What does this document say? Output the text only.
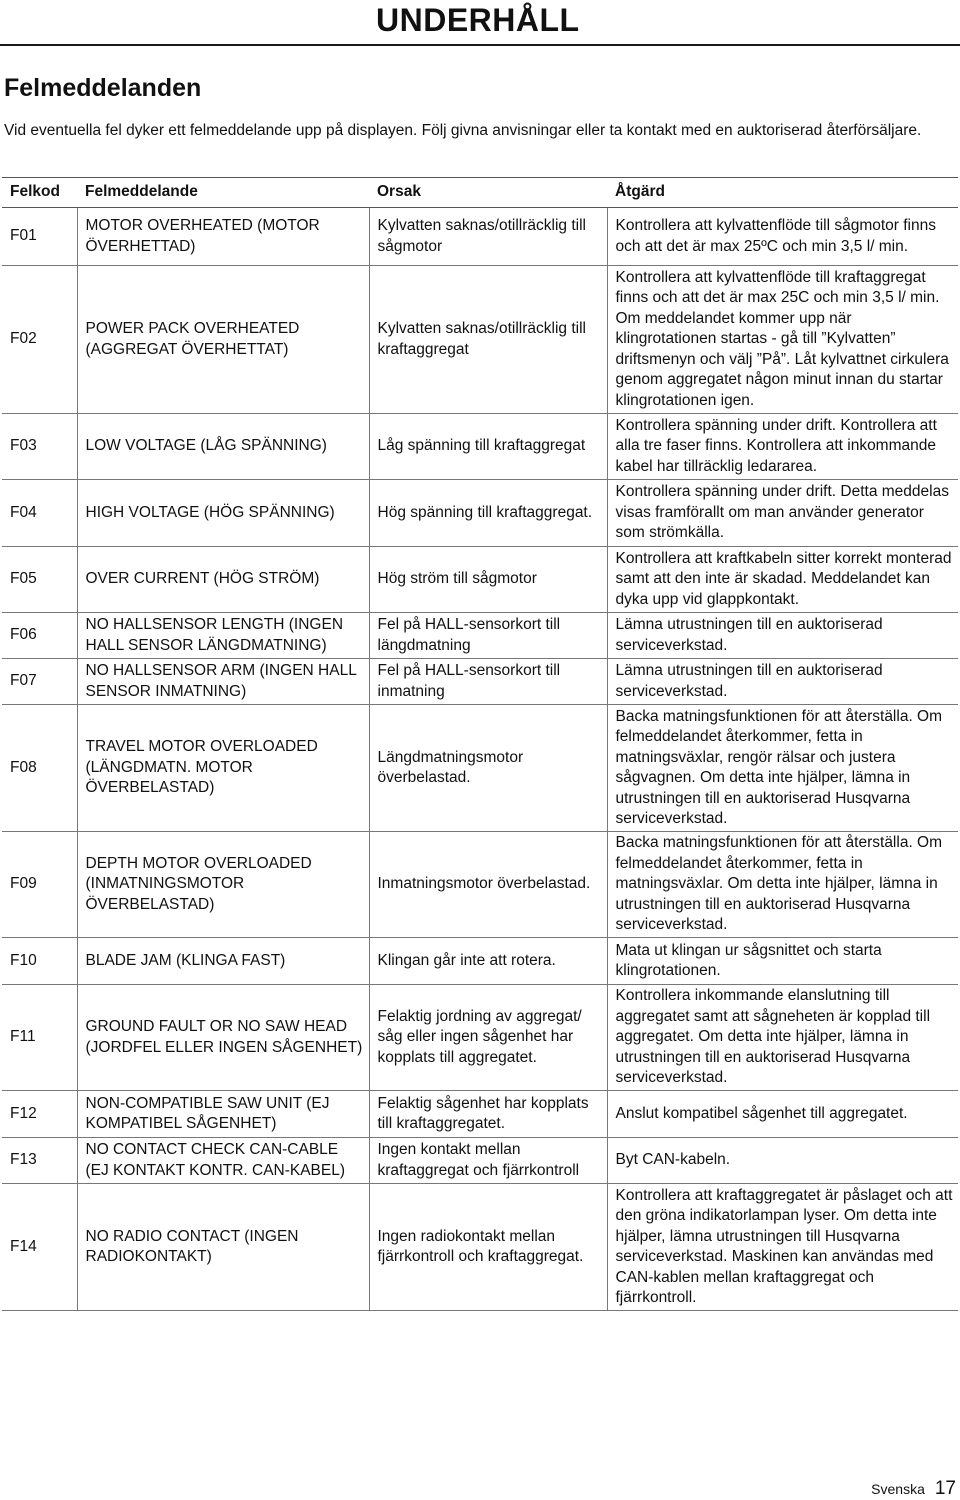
UNDERHÅLL
Felmeddelanden
Vid eventuella fel dyker ett felmeddelande upp på displayen. Följ givna anvisningar eller ta kontakt med en auktoriserad återförsäljare.
Felkod	Felmeddelande	Orsak	Åtgärd
F01	MOTOR OVERHEATED (MOTOR ÖVERHETTAD)	Kylvatten saknas/otillräcklig till sågmotor	Kontrollera att kylvattenflöde till sågmotor finns och att det är max 25ºC och min 3,5 l/ min.
F02	POWER PACK OVERHEATED (AGGREGAT ÖVERHETTAT)	Kylvatten saknas/otillräcklig till kraftaggregat	Kontrollera att kylvattenflöde till kraftaggregat finns och att det är max 25C och min 3,5 l/ min. Om meddelandet kommer upp när klingrotationen startas - gå till ”Kylvatten” driftsmenyn och välj ”På”. Låt kylvattnet cirkulera genom aggregatet någon minut innan du startar klingrotationen igen.
F03	LOW VOLTAGE (LÅG SPÄNNING)	Låg spänning till kraftaggregat	Kontrollera spänning under drift. Kontrollera att alla tre faser finns. Kontrollera att inkommande kabel har tillräcklig ledararea.
F04	HIGH VOLTAGE (HÖG SPÄNNING)	Hög spänning till kraftaggregat.	Kontrollera spänning under drift. Detta meddelas visas framförallt om man använder generator som strömkälla.
F05	OVER CURRENT (HÖG STRÖM)	Hög ström till sågmotor	Kontrollera att kraftkabeln sitter korrekt monterad samt att den inte är skadad. Meddelandet kan dyka upp vid glappkontakt.
F06	NO HALLSENSOR LENGTH (INGEN HALL SENSOR LÄNGDMATNING)	Fel på HALL-sensorkort till längdmatning	Lämna utrustningen till en auktoriserad serviceverkstad.
F07	NO HALLSENSOR ARM (INGEN HALL SENSOR INMATNING)	Fel på HALL-sensorkort till inmatning	Lämna utrustningen till en auktoriserad serviceverkstad.
F08	TRAVEL MOTOR OVERLOADED (LÄNGDMATN. MOTOR ÖVERBELASTAD)	Längdmatningsmotor överbelastad.	Backa matningsfunktionen för att återställa. Om felmeddelandet återkommer, fetta in matningsväxlar, rengör rälsar och justera sågvagnen. Om detta inte hjälper, lämna in utrustningen till en auktoriserad Husqvarna serviceverkstad.
F09	DEPTH MOTOR OVERLOADED (INMATNINGSMOTOR ÖVERBELASTAD)	Inmatningsmotor överbelastad.	Backa matningsfunktionen för att återställa. Om felmeddelandet återkommer, fetta in matningsväxlar. Om detta inte hjälper, lämna in utrustningen till en auktoriserad Husqvarna serviceverkstad.
F10	BLADE JAM (KLINGA FAST)	Klingan går inte att rotera.	Mata ut klingan ur sågsnittet och starta klingrotationen.
F11	GROUND FAULT OR NO SAW HEAD (JORDFEL ELLER INGEN SÅGENHET)	Felaktig jordning av aggregat/ såg eller ingen sågenhet har kopplats till aggregatet.	Kontrollera inkommande elanslutning till aggregatet samt att sågneheten är kopplad till aggregatet. Om detta inte hjälper, lämna in utrustningen till en auktoriserad Husqvarna serviceverkstad.
F12	NON-COMPATIBLE SAW UNIT (EJ KOMPATIBEL SÅGENHET)	Felaktig sågenhet har kopplats till kraftaggregatet.	Anslut kompatibel sågenhet till aggregatet.
F13	NO CONTACT CHECK CAN-CABLE (EJ KONTAKT KONTR. CAN-KABEL)	Ingen kontakt mellan kraftaggregat och fjärrkontroll	Byt CAN-kabeln.
F14	NO RADIO CONTACT (INGEN RADIOKONTAKT)	Ingen radiokontakt mellan fjärrkontroll och kraftaggregat.	Kontrollera att kraftaggregatet är påslaget och att den gröna indikatorlampan lyser. Om detta inte hjälper, lämna utrustningen till Husqvarna serviceverkstad. Maskinen kan användas med CAN-kablen mellan kraftaggregat och fjärrkontroll.
Svenska 17
